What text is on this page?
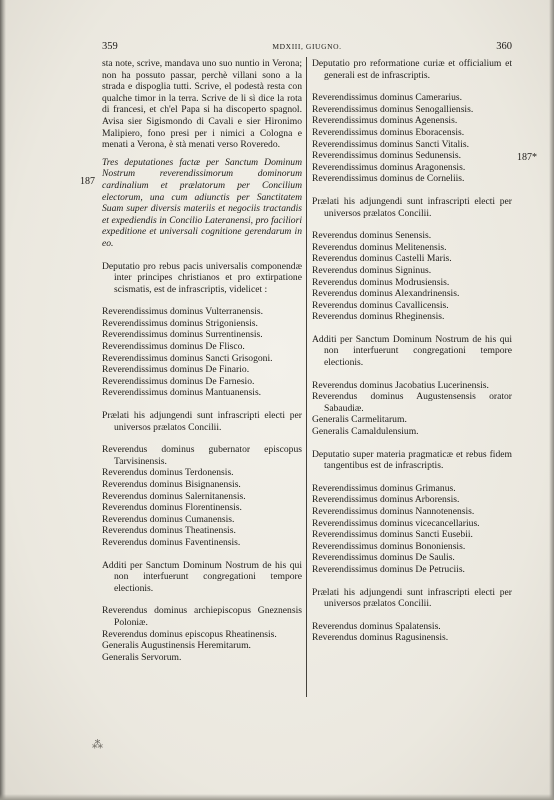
359	MDXIII, GIUGNO.	360
187
187*

sta note, scrive, mandava uno suo nuntio in Verona; non ha possuto passar, perchè villani sono a la strada e dispoglia tutti. Scrive, el podestà resta con qualche timor in la terra. Scrive de li sì dice la rota di francesi, et ch'el Papa si ha discoperto spagnol. Avisa sier Sigismondo di Cavali e sier Hironimo Malipiero, fono presi per i nimici a Cologna e menati a Verona, è stà menati verso Roveredo.

Tres deputationes factæ per Sanctum Dominum Nostrum reverendissimorum dominorum cardinalium et prælatorum per Concilium electorum, una cum adiunctis per Sanctitatem Suam super diversis materiis et negociis tractandis et expediendis in Concilio Lateranensi, pro faciliori expeditione et universali cognitione gerendarum in eo.

Deputatio pro rebus pacis universalis componendæ inter principes christianos et pro extirpatione scismatis, est de infrascriptis, videlicet :

Reverendissimus dominus Vulterranensis.
Reverendissimus dominus Strigoniensis.
Reverendissimus dominus Surrentinensis.
Reverendissimus dominus De Flisco.
Reverendissimus dominus Sancti Grisogoni.
Reverendissimus dominus De Finario.
Reverendissimus dominus De Farnesio.
Reverendissimus dominus Mantuanensis.

Prælati his adjungendi sunt infrascripti electi per universos prælatos Concilii.

Reverendus dominus gubernator episcopus Tarvisinensis.

Reverendus dominus Terdonensis.
Reverendus dominus Bisignanensis.
Reverendus dominus Salernitanensis.
Reverendus dominus Florentinensis.
Reverendus dominus Cumanensis.
Reverendus dominus Theatinensis.
Reverendus dominus Faventinensis.

Additi per Sanctum Dominum Nostrum de his qui non interfuerunt congregationi tempore electionis.

Reverendus dominus archiepiscopus Gneznensis Poloniæ.

Reverendus dominus episcopus Rheatinensis.
Generalis Augustinensis Heremitarum.
Generalis Servorum.

Deputatio pro reformatione curiæ et officialium et generali est de infrascriptis.

Reverendissimus dominus Camerarius.
Reverendissimus dominus Senogalliensis.
Reverendissimus dominus Agenensis.
Reverendissimus dominus Eboracensis.
Reverendissimus dominus Sancti Vitalis.
Reverendissimus dominus Sedunensis.
Reverendissimus dominus Aragonensis.
Reverendissimus dominus de Corneliis.

Prælati his adjungendi sunt infrascripti electi per universos prælatos Concilii.

Reverendus dominus Senensis.
Reverendus dominus Melitenensis.
Reverendus dominus Castelli Maris.
Reverendus dominus Signinus.
Reverendus dominus Modrusiensis.
Reverendus dominus Alexandrinensis.
Reverendus dominus Cavallicensis.
Reverendus dominus Rheginensis.

Additi per Sanctum Dominum Nostrum de his qui non interfuerunt congregationi tempore electionis.

Reverendus dominus Jacobatius Lucerinensis.

Reverendus dominus Augustensensis orator Sabaudiæ.

Generalis Carmelitarum.
Generalis Camaldulensium.

Deputatio super materia pragmaticæ et rebus fidem tangentibus est de infrascriptis.

Reverendissimus dominus Grimanus.
Reverendissimus dominus Arborensis.
Reverendissimus dominus Nannotenensis.
Reverendissimus dominus vicecancellarius.
Reverendissimus dominus Sancti Eusebii.
Reverendissimus dominus Bononiensis.
Reverendissimus dominus De Saulis.
Reverendissimus dominus De Petruciis.

Prælati his adjungendi sunt infrascripti electi per universos prælatos Concilii.

Reverendus dominus Spalatensis.
Reverendus dominus Ragusinensis.
⁂
